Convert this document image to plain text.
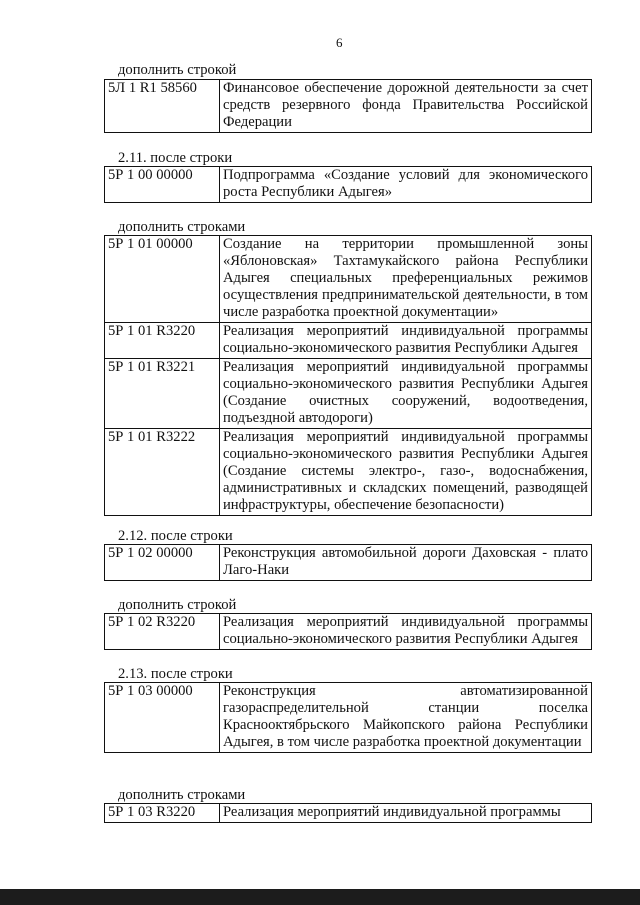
6
дополнить строкой
5Л 1 R1 58560	Финансовое обеспечение дорожной деятельности за счет средств резервного фонда Правительства Российской Федерации
2.11. после строки
5Р 1 00 00000	Подпрограмма «Создание условий для экономического роста Республики Адыгея»
дополнить строками
5Р 1 01 00000	Создание на территории промышленной зоны «Яблоновская» Тахтамукайского района Республики Адыгея специальных преференциальных режимов осуществления предпринимательской деятельности, в том числе разработка проектной документации»
5Р 1 01 R3220	Реализация мероприятий индивидуальной программы социально-экономического развития Республики Адыгея
5Р 1 01 R3221	Реализация мероприятий индивидуальной программы социально-экономического развития Республики Адыгея (Создание очистных сооружений, водоотведения, подъездной автодороги)
5Р 1 01 R3222	Реализация мероприятий индивидуальной программы социально-экономического развития Республики Адыгея (Создание системы электро-, газо-, водоснабжения, административных и складских помещений, разводящей инфраструктуры, обеспечение безопасности)
2.12. после строки
5Р 1 02 00000	Реконструкция автомобильной дороги Даховская - плато Лаго-Наки
дополнить строкой
5Р 1 02 R3220	Реализация мероприятий индивидуальной программы социально-экономического развития Республики Адыгея
2.13. после строки
5Р 1 03 00000	Реконструкция автоматизированной газораспределительной станции поселка Краснооктябрьского Майкопского района Республики Адыгея, в том числе разработка проектной документации
дополнить строками
5Р 1 03 R3220	Реализация мероприятий индивидуальной программы
